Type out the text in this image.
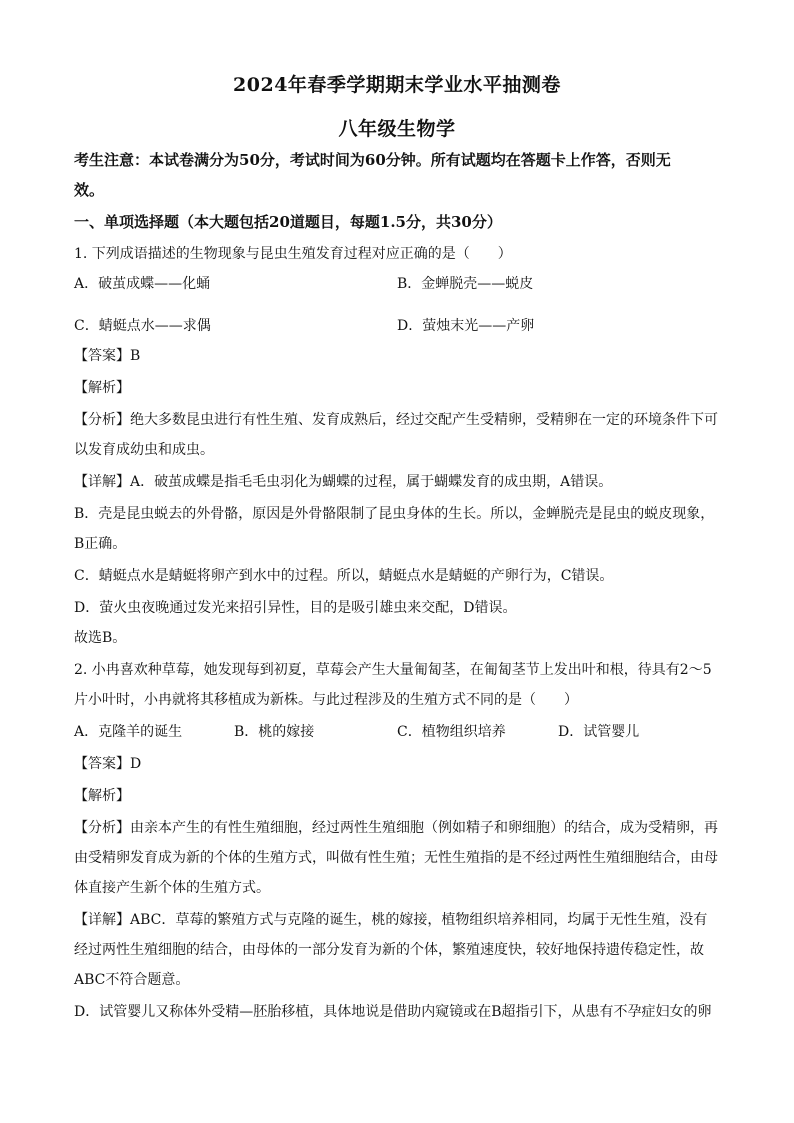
2024年春季学期期末学业水平抽测卷
八年级生物学
考生注意：本试卷满分为50分，考试时间为60分钟。所有试题均在答题卡上作答，否则无
效。
一、单项选择题（本大题包括20道题目，每题1.5分，共30分）
1. 下列成语描述的生物现象与昆虫生殖发育过程对应正确的是（　　）
A．破茧成蝶——化蛹	B．金蝉脱壳——蜕皮
C．蜻蜓点水——求偶	D．萤烛末光——产卵
【答案】B
【解析】
【分析】绝大多数昆虫进行有性生殖、发育成熟后，经过交配产生受精卵，受精卵在一定的环境条件下可
以发育成幼虫和成虫。
【详解】A．破茧成蝶是指毛毛虫羽化为蝴蝶的过程，属于蝴蝶发育的成虫期，A错误。
B．壳是昆虫蜕去的外骨骼，原因是外骨骼限制了昆虫身体的生长。所以，金蝉脱壳是昆虫的蜕皮现象，
B正确。
C．蜻蜓点水是蜻蜓将卵产到水中的过程。所以，蜻蜓点水是蜻蜓的产卵行为，C错误。
D．萤火虫夜晚通过发光来招引异性，目的是吸引雄虫来交配，D错误。
故选B。
2. 小冉喜欢种草莓，她发现每到初夏，草莓会产生大量匍匐茎，在匍匐茎节上发出叶和根，待具有2～5
片小叶时，小冉就将其移植成为新株。与此过程涉及的生殖方式不同的是（　　）
A．克隆羊的诞生	B．桃的嫁接	C．植物组织培养	D．试管婴儿
【答案】D
【解析】
【分析】由亲本产生的有性生殖细胞，经过两性生殖细胞（例如精子和卵细胞）的结合，成为受精卵，再
由受精卵发育成为新的个体的生殖方式，叫做有性生殖；无性生殖指的是不经过两性生殖细胞结合，由母
体直接产生新个体的生殖方式。
【详解】ABC．草莓的繁殖方式与克隆的诞生，桃的嫁接，植物组织培养相同，均属于无性生殖，没有
经过两性生殖细胞的结合，由母体的一部分发育为新的个体，繁殖速度快，较好地保持遗传稳定性，故
ABC不符合题意。
D．试管婴儿又称体外受精—胚胎移植，具体地说是借助内窥镜或在B超指引下，从患有不孕症妇女的卵
